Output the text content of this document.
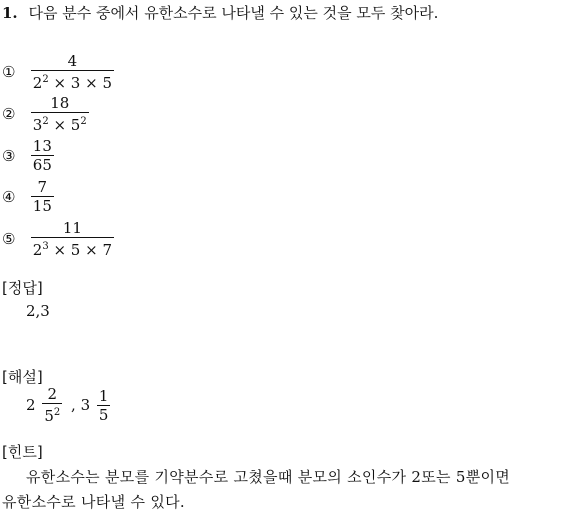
1. 다음 분수 중에서 유한소수로 나타낼 수 있는 것을 모두 찾아라.
① $\frac{4}{2^2 \times 3 \times 5}$
② $\frac{18}{3^2 \times 5^2}$
③ $\frac{13}{65}$
④ $\frac{7}{15}$
⑤ $\frac{11}{2^3 \times 5 \times 7}$
[정답]
2,3
[해설]
$2 \frac{2}{5^2}$ , $3 \frac{1}{5}$
[힌트]
유한소수는 분모를 기약분수로 고쳤을때 분모의 소인수가 2또는 5뿐이면
유한소수로 나타낼 수 있다.
